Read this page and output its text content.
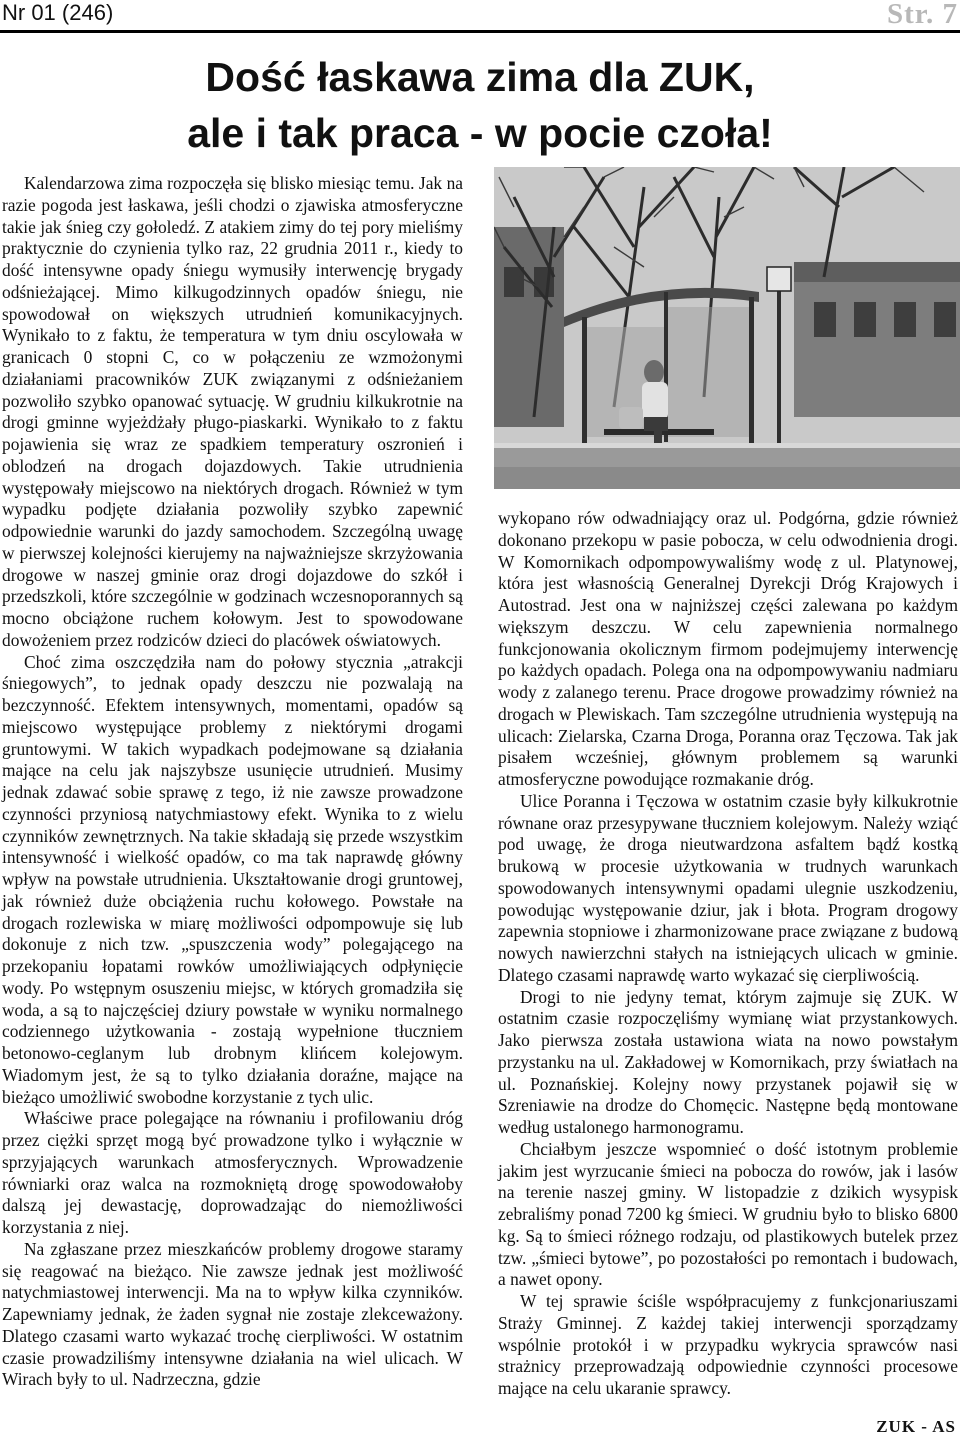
Nr 01 (246)	Str. 7
Dość łaskawa zima dla ZUK,
ale i tak praca - w pocie czoła!

Kalendarzowa zima rozpoczęła się blisko miesiąc temu. Jak na razie pogoda jest łaskawa, jeśli chodzi o zjawiska atmosferyczne takie jak śnieg czy gołoledź. Z atakiem zimy do tej pory mieliśmy praktycznie do czynienia tylko raz, 22 grudnia 2011 r., kiedy to dość intensywne opady śniegu wymusiły interwencję brygady odśnieżającej. Mimo kilkugodzinnych opadów śniegu, nie spowodował on większych utrudnień komunikacyjnych. Wynikało to z faktu, że temperatura w tym dniu oscylowała w granicach 0 stopni C, co w połączeniu ze wzmożonymi działaniami pracowników ZUK związanymi z odśnieżaniem pozwoliło szybko opanować sytuację. W grudniu kilkukrotnie na drogi gminne wyjeżdżały pługo-piaskarki. Wynikało to z faktu pojawienia się wraz ze spadkiem temperatury oszronień i oblodzeń na drogach dojazdowych. Takie utrudnienia występowały miejscowo na niektórych drogach. Również w tym wypadku podjęte działania pozwoliły szybko zapewnić odpowiednie warunki do jazdy samochodem. Szczególną uwagę w pierwszej kolejności kierujemy na najważniejsze skrzyżowania drogowe w naszej gminie oraz drogi dojazdowe do szkół i przedszkoli, które szczególnie w godzinach wczesnoporannych są mocno obciążone ruchem kołowym. Jest to spowodowane dowożeniem przez rodziców dzieci do placówek oświatowych.

Choć zima oszczędziła nam do połowy stycznia „atrakcji śniegowych”, to jednak opady deszczu nie pozwalają na bezczynność. Efektem intensywnych, momentami, opadów są miejscowo występujące problemy z niektórymi drogami gruntowymi. W takich wypadkach podejmowane są działania mające na celu jak najszybsze usunięcie utrudnień. Musimy jednak zdawać sobie sprawę z tego, iż nie zawsze prowadzone czynności przyniosą natychmiastowy efekt. Wynika to z wielu czynników zewnętrznych. Na takie składają się przede wszystkim intensywność i wielkość opadów, co ma tak naprawdę główny wpływ na powstałe utrudnienia. Ukształtowanie drogi gruntowej, jak również duże obciążenia ruchu kołowego. Powstałe na drogach rozlewiska w miarę możliwości odpompowuje się lub dokonuje z nich tzw. „spuszczenia wody” polegającego na przekopaniu łopatami rowków umożliwiających odpłynięcie wody. Po wstępnym osuszeniu miejsc, w których gromadziła się woda, a są to najczęściej dziury powstałe w wyniku normalnego codziennego użytkowania - zostają wypełnione tłuczniem betonowo-ceglanym lub drobnym klińcem kolejowym. Wiadomym jest, że są to tylko działania doraźne, mające na bieżąco umożliwić swobodne korzystanie z tych ulic.

Właściwe prace polegające na równaniu i profilowaniu dróg przez ciężki sprzęt mogą być prowadzone tylko i wyłącznie w sprzyjających warunkach atmosferycznych. Wprowadzenie równiarki oraz walca na rozmokniętą drogę spowodowałoby dalszą jej dewastację, doprowadzając do niemożliwości korzystania z niej.

Na zgłaszane przez mieszkańców problemy drogowe staramy się reagować na bieżąco. Nie zawsze jednak jest możliwość natychmiastowej interwencji. Ma na to wpływ kilka czynników. Zapewniamy jednak, że żaden sygnał nie zostaje zlekceważony. Dlatego czasami warto wykazać trochę cierpliwości. W ostatnim czasie prowadziliśmy intensywne działania na wiel ulicach. W Wirach były to ul. Nadrzeczna, gdzie

wykopano rów odwadniający oraz ul. Podgórna, gdzie również dokonano przekopu w pasie pobocza, w celu odwodnienia drogi. W Komornikach odpompowywaliśmy wodę z ul. Platynowej, która jest własnością Generalnej Dyrekcji Dróg Krajowych i Autostrad. Jest ona w najniższej części zalewana po każdym większym deszczu. W celu zapewnienia normalnego funkcjonowania okolicznym firmom podejmujemy interwencję po każdych opadach. Polega ona na odpompowywaniu nadmiaru wody z zalanego terenu. Prace drogowe prowadzimy również na drogach w Plewiskach. Tam szczególne utrudnienia występują na ulicach: Zielarska, Czarna Droga, Poranna oraz Tęczowa. Tak jak pisałem wcześniej, głównym problemem są warunki atmosferyczne powodujące rozmakanie dróg.

Ulice Poranna i Tęczowa w ostatnim czasie były kilkukrotnie równane oraz przesypywane tłuczniem kolejowym. Należy wziąć pod uwagę, że droga nieutwardzona asfaltem bądź kostką brukową w procesie użytkowania w trudnych warunkach spowodowanych intensywnymi opadami ulegnie uszkodzeniu, powodując występowanie dziur, jak i błota. Program drogowy zapewnia stopniowe i zharmonizowane prace związane z budową nowych nawierzchni stałych na istniejących ulicach w gminie. Dlatego czasami naprawdę warto wykazać się cierpliwością.

Drogi to nie jedyny temat, którym zajmuje się ZUK. W ostatnim czasie rozpoczęliśmy wymianę wiat przystankowych. Jako pierwsza została ustawiona wiata na nowo powstałym przystanku na ul. Zakładowej w Komornikach, przy światłach na ul. Poznańskiej. Kolejny nowy przystanek pojawił się w Szreniawie na drodze do Chomęcic. Następne będą montowane według ustalonego harmonogramu.

Chciałbym jeszcze wspomnieć o dość istotnym problemie jakim jest wyrzucanie śmieci na pobocza do rowów, jak i lasów na terenie naszej gminy. W listopadzie z dzikich wysypisk zebraliśmy ponad 7200 kg śmieci. W grudniu było to blisko 6800 kg. Są to śmieci różnego rodzaju, od plastikowych butelek przez tzw. „śmieci bytowe”, po pozostałości po remontach i budowach, a nawet opony.

W tej sprawie ściśle współpracujemy z funkcjonariuszami Straży Gminnej. Z każdej takiej interwencji sporządzamy wspólnie protokół i w przypadku wykrycia sprawców nasi strażnicy przeprowadzają odpowiednie czynności procesowe mające na celu ukaranie sprawcy.

ZUK - AS
